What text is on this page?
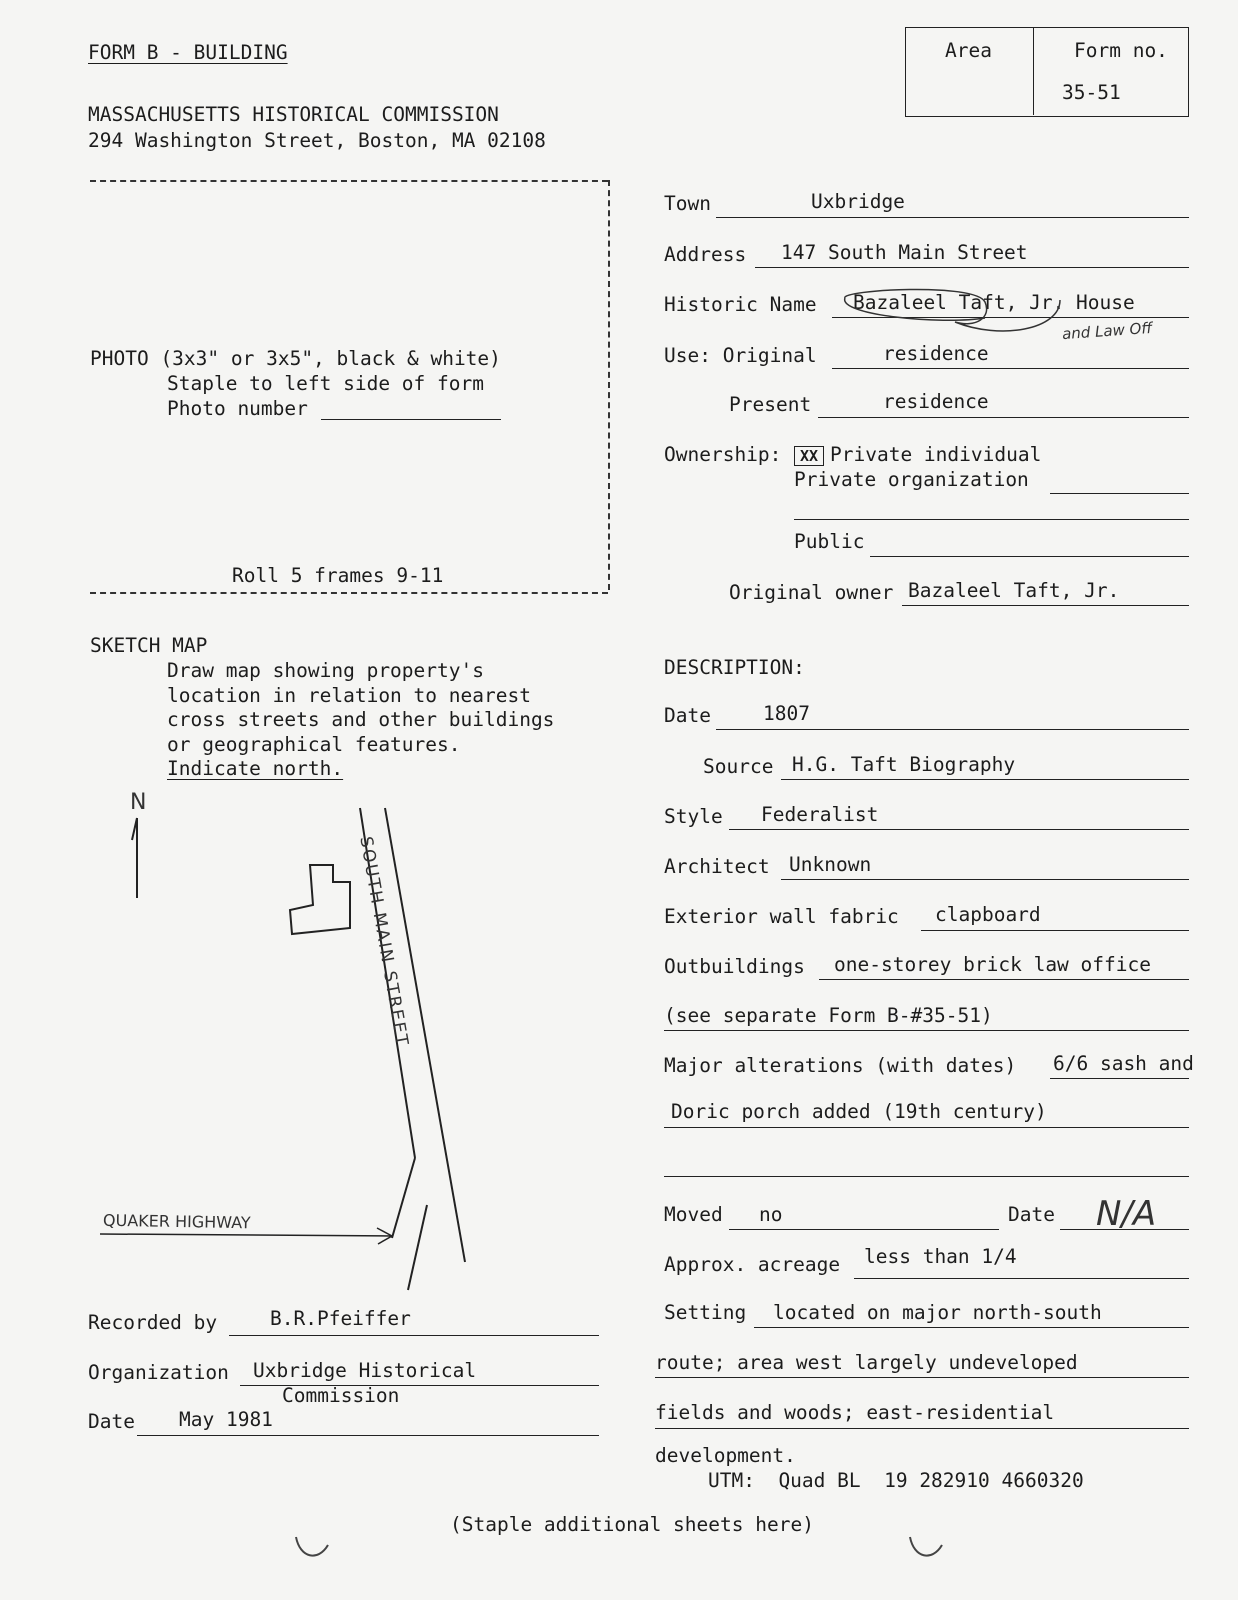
FORM B - BUILDING
MASSACHUSETTS HISTORICAL COMMISSION
294 Washington Street, Boston, MA 02108
Area	Form no.
35-51
PHOTO (3x3" or 3x5", black & white)
Staple to left side of form
Photo number
Roll 5 frames 9-11
SKETCH MAP
Draw map showing property's
location in relation to nearest
cross streets and other buildings
or geographical features.
Indicate north.
N
SOUTH MAIN STREET
QUAKER HIGHWAY
Recorded by	B.R.Pfeiffer
Organization Uxbridge Historical
Commission
Date May 1981
Town	Uxbridge
Address 147 South Main Street
Historic Name Bazaleel Taft, Jr. House
and Law Off
Use: Original	residence
Present	residence
Ownership:	XX Private individual
Private organization
Public
Original owner Bazaleel Taft, Jr.
DESCRIPTION:
Date	1807
Source H.G. Taft Biography
Style Federalist
Architect Unknown
Exterior wall fabric clapboard
Outbuildings one-storey brick law office
(see separate Form B-#35-51)
Major alterations (with dates) 6/6 sash and
Doric porch added (19th century)
Moved no	Date N/A
Approx. acreage less than 1/4
Setting located on major north-south
route; area west largely undeveloped
fields and woods; east-residential
development.
UTM:  Quad BL  19 282910 4660320
(Staple additional sheets here)
